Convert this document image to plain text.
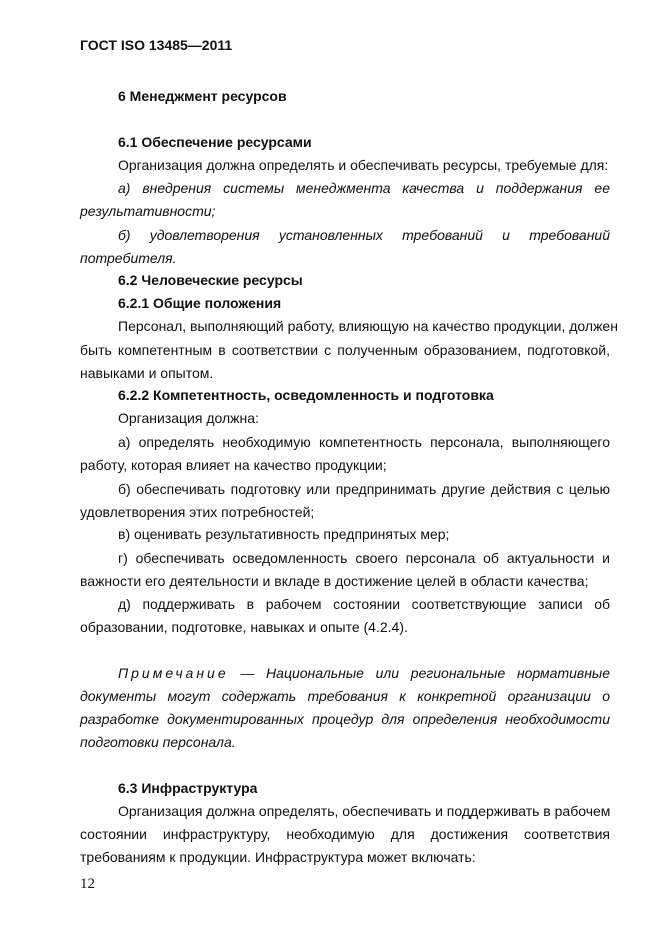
ГОСТ ISO 13485—2011

6 Менеджмент ресурсов

6.1 Обеспечение ресурсами

Организация должна определять и обеспечивать ресурсы, требуемые для:

а) внедрения системы менеджмента качества и поддержания ее

результативности;

б) удовлетворения установленных требований и требований

потребителя.

6.2 Человеческие ресурсы

6.2.1 Общие положения

Персонал, выполняющий работу, влияющую на качество продукции, должен

быть компетентным в соответствии с полученным образованием, подготовкой,

навыками и опытом.

6.2.2 Компетентность, осведомленность и подготовка

Организация должна:

а) определять необходимую компетентность персонала, выполняющего

работу, которая влияет на качество продукции;

б) обеспечивать подготовку или предпринимать другие действия с целью

удовлетворения этих потребностей;

в) оценивать результативность предпринятых мер;

г) обеспечивать осведомленность своего персонала об актуальности и

важности его деятельности и вкладе в достижение целей в области качества;

д) поддерживать в рабочем состоянии соответствующие записи об

образовании, подготовке, навыках и опыте (4.2.4).

Примечание — Национальные или региональные нормативные

документы могут содержать требования к конкретной организации о

разработке документированных процедур для определения необходимости

подготовки персонала.

6.3 Инфраструктура

Организация должна определять, обеспечивать и поддерживать в рабочем

состоянии инфраструктуру, необходимую для достижения соответствия

требованиям к продукции. Инфраструктура может включать:

12
